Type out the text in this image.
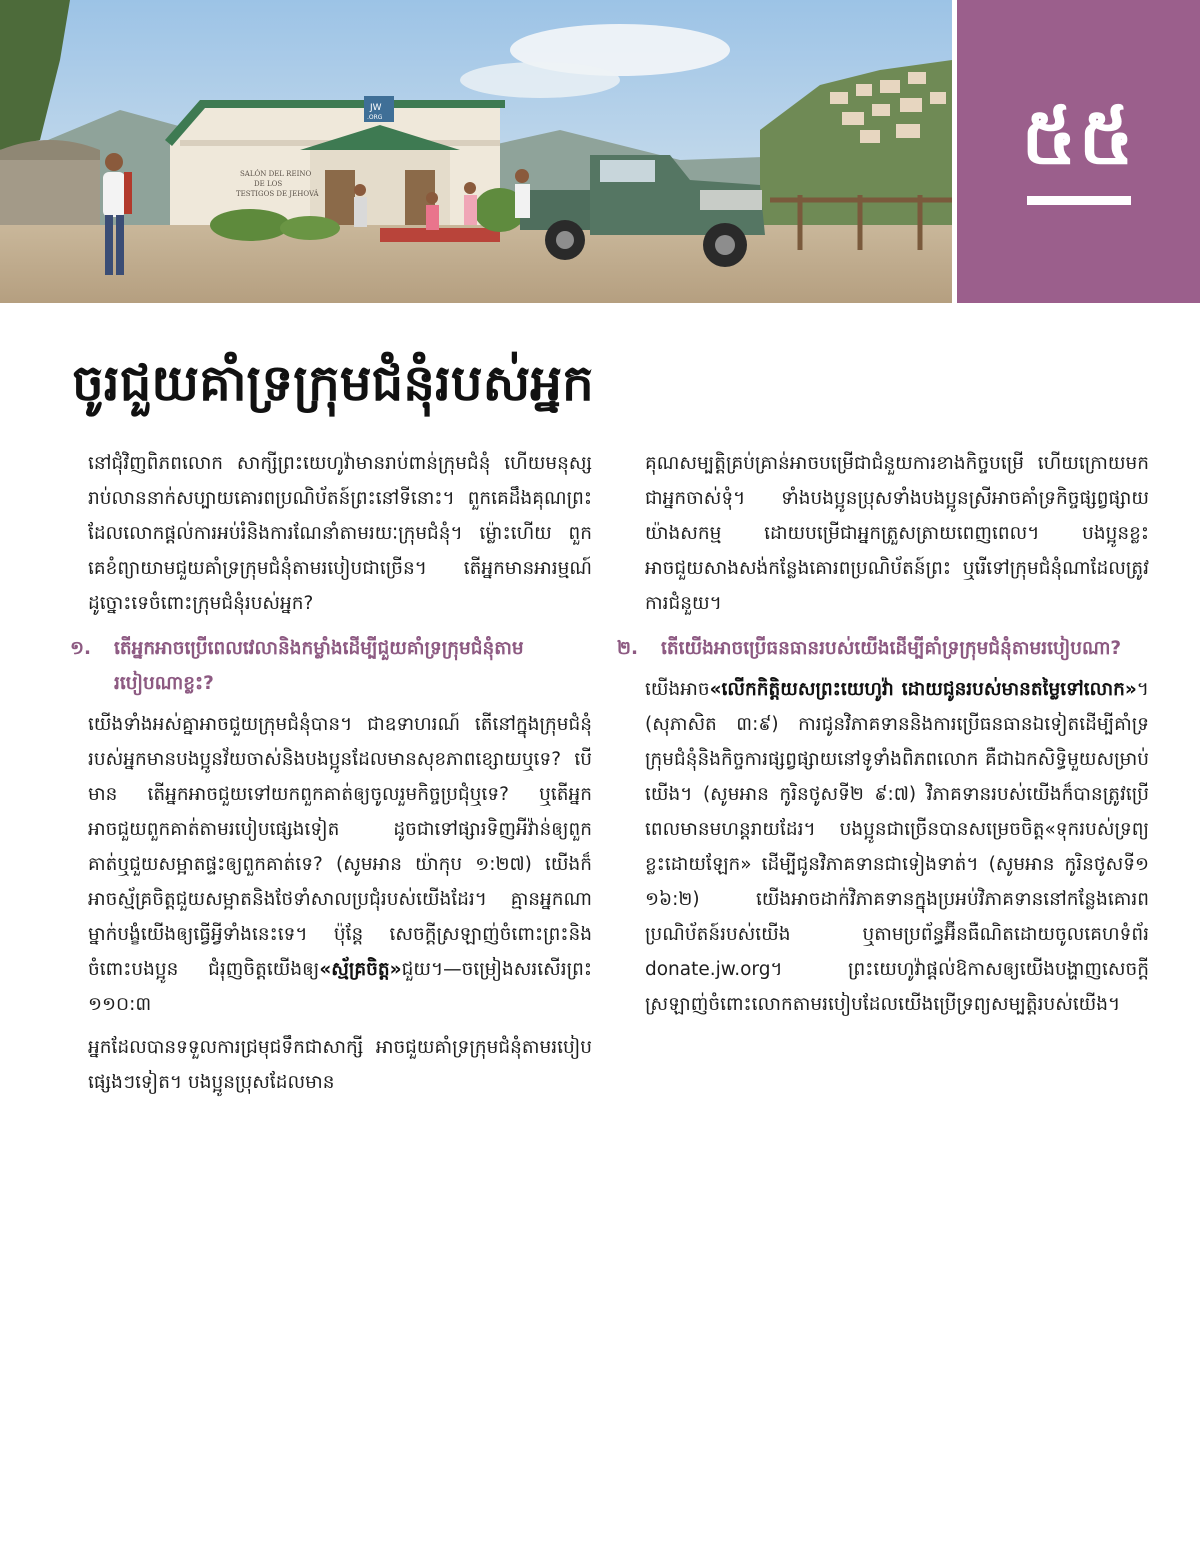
SALÓN DEL REINO
DE LOS
TESTIGOS DE JEHOVÁ
JW
.ORG	៥៥
ចូរជួយគាំទ្រក្រុមជំនុំរបស់អ្នក

នៅជុំវិញពិភពលោក សាក្សីព្រះយេហូវ៉ាមានរាប់ពាន់ក្រុមជំនុំ ហើយមនុស្សរាប់លាននាក់សប្បាយគោរពប្រណិប័តន៍ព្រះនៅទីនោះ។ ពួកគេដឹងគុណព្រះដែលលោកផ្ដល់ការអប់រំនិងការណែនាំតាមរយៈក្រុមជំនុំ។ ម្ល៉ោះហើយ ពួកគេខំព្យាយាមជួយគាំទ្រក្រុមជំនុំតាមរបៀបជាច្រើន។ តើអ្នកមានអារម្មណ៍ដូច្នោះទេចំពោះក្រុមជំនុំរបស់អ្នក?

១.	តើអ្នកអាចប្រើពេលវេលានិងកម្លាំងដើម្បីជួយគាំទ្រក្រុមជំនុំតាមរបៀបណាខ្លះ?

យើងទាំងអស់គ្នាអាចជួយក្រុមជំនុំបាន។ ជាឧទាហរណ៍ តើនៅក្នុងក្រុមជំនុំរបស់អ្នកមានបងប្អូនវ័យចាស់និងបងប្អូនដែលមានសុខភាពខ្សោយឬទេ? បើមាន តើអ្នកអាចជួយទៅយកពួកគាត់ឲ្យចូលរួមកិច្ចប្រជុំឬទេ? ឬតើអ្នកអាចជួយពួកគាត់តាមរបៀបផ្សេងទៀត ដូចជាទៅផ្សារទិញអីវ៉ាន់ឲ្យពួកគាត់ឬជួយសម្អាតផ្ទះឲ្យពួកគាត់ទេ? (សូមអាន យ៉ាកុប ១:២៧) យើងក៏អាចស្ម័គ្រចិត្តជួយសម្អាតនិងថែទាំសាលប្រជុំរបស់យើងដែរ។ គ្មានអ្នកណាម្នាក់បង្ខំយើងឲ្យធ្វើអ្វីទាំងនេះទេ។ ប៉ុន្តែ សេចក្ដីស្រឡាញ់ចំពោះព្រះនិងចំពោះបងប្អូន ជំរុញចិត្តយើងឲ្យ«ស្ម័គ្រចិត្ត»ជួយ។—ចម្រៀងសរសើរព្រះ ១១០:៣

អ្នកដែលបានទទួលការជ្រមុជទឹកជាសាក្សី អាចជួយគាំទ្រក្រុមជំនុំតាមរបៀបផ្សេងៗទៀត។ បងប្អូនប្រុសដែលមាន

គុណសម្បត្តិគ្រប់គ្រាន់អាចបម្រើជាជំនួយការខាងកិច្ចបម្រើ ហើយក្រោយមកជាអ្នកចាស់ទុំ។ ទាំងបងប្អូនប្រុសទាំងបងប្អូនស្រីអាចគាំទ្រកិច្ចផ្សព្វផ្សាយយ៉ាងសកម្ម ដោយបម្រើជាអ្នកត្រួសត្រាយពេញពេល។ បងប្អូនខ្លះអាចជួយសាងសង់កន្លែងគោរពប្រណិប័តន៍ព្រះ ឬរើទៅក្រុមជំនុំណាដែលត្រូវការជំនួយ។

២.	តើយើងអាចប្រើធនធានរបស់យើងដើម្បីគាំទ្រក្រុមជំនុំតាមរបៀបណា?

យើងអាច«លើកកិត្តិយសព្រះយេហូវ៉ា ដោយជូនរបស់មានតម្លៃទៅលោក»។ (សុភាសិត ៣:៩) ការជូនវិភាគទាននិងការប្រើធនធានឯទៀតដើម្បីគាំទ្រក្រុមជំនុំនិងកិច្ចការផ្សព្វផ្សាយនៅទូទាំងពិភពលោក គឺជាឯកសិទ្ធិមួយសម្រាប់យើង។ (សូមអាន កូរិនថូសទី២ ៩:៧) វិភាគទានរបស់យើងក៏បានត្រូវប្រើពេលមានមហន្តរាយដែរ។ បងប្អូនជាច្រើនបានសម្រេចចិត្ត«ទុករបស់ទ្រព្យខ្លះដោយឡែក» ដើម្បីជូនវិភាគទានជាទៀងទាត់។ (សូមអាន កូរិនថូសទី១ ១៦:២) យើងអាចដាក់វិភាគទានក្នុងប្រអប់វិភាគទាននៅកន្លែងគោរពប្រណិប័តន៍របស់យើង ឬតាមប្រព័ន្ធអ៊ីនធឺណិតដោយចូលគេហទំព័រ donate.jw.org។ ព្រះយេហូវ៉ាផ្ដល់ឱកាសឲ្យយើងបង្ហាញសេចក្ដីស្រឡាញ់ចំពោះលោកតាមរបៀបដែលយើងប្រើទ្រព្យសម្បត្តិរបស់យើង។
